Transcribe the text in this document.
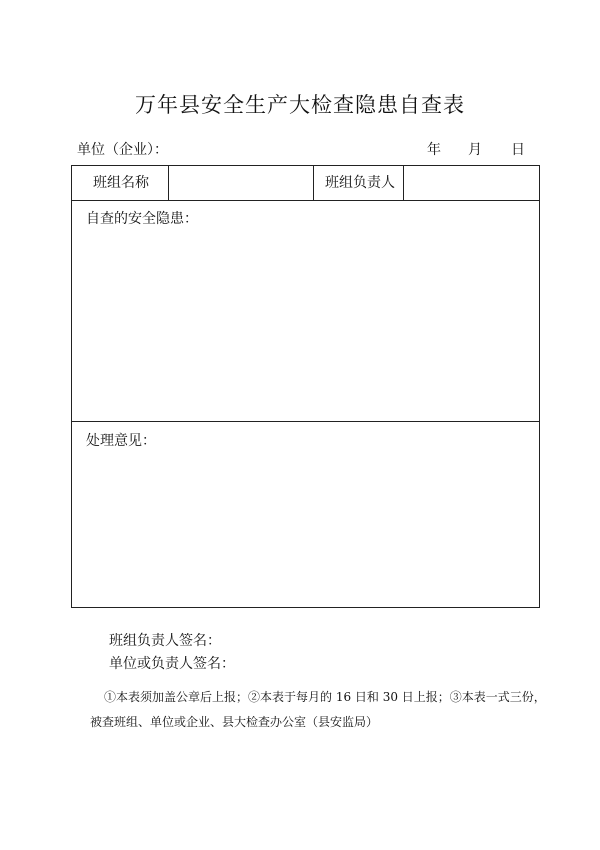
万年县安全生产大检查隐患自查表
单位（企业）：	年 月 日
班组名称	班组负责人
自查的安全隐患：
处理意见：
班组负责人签名：
单位或负责人签名：
①本表须加盖公章后上报；②本表于每月的 16 日和 30 日上报；③本表一式三份，
被查班组、单位或企业、县大检查办公室（县安监局）
